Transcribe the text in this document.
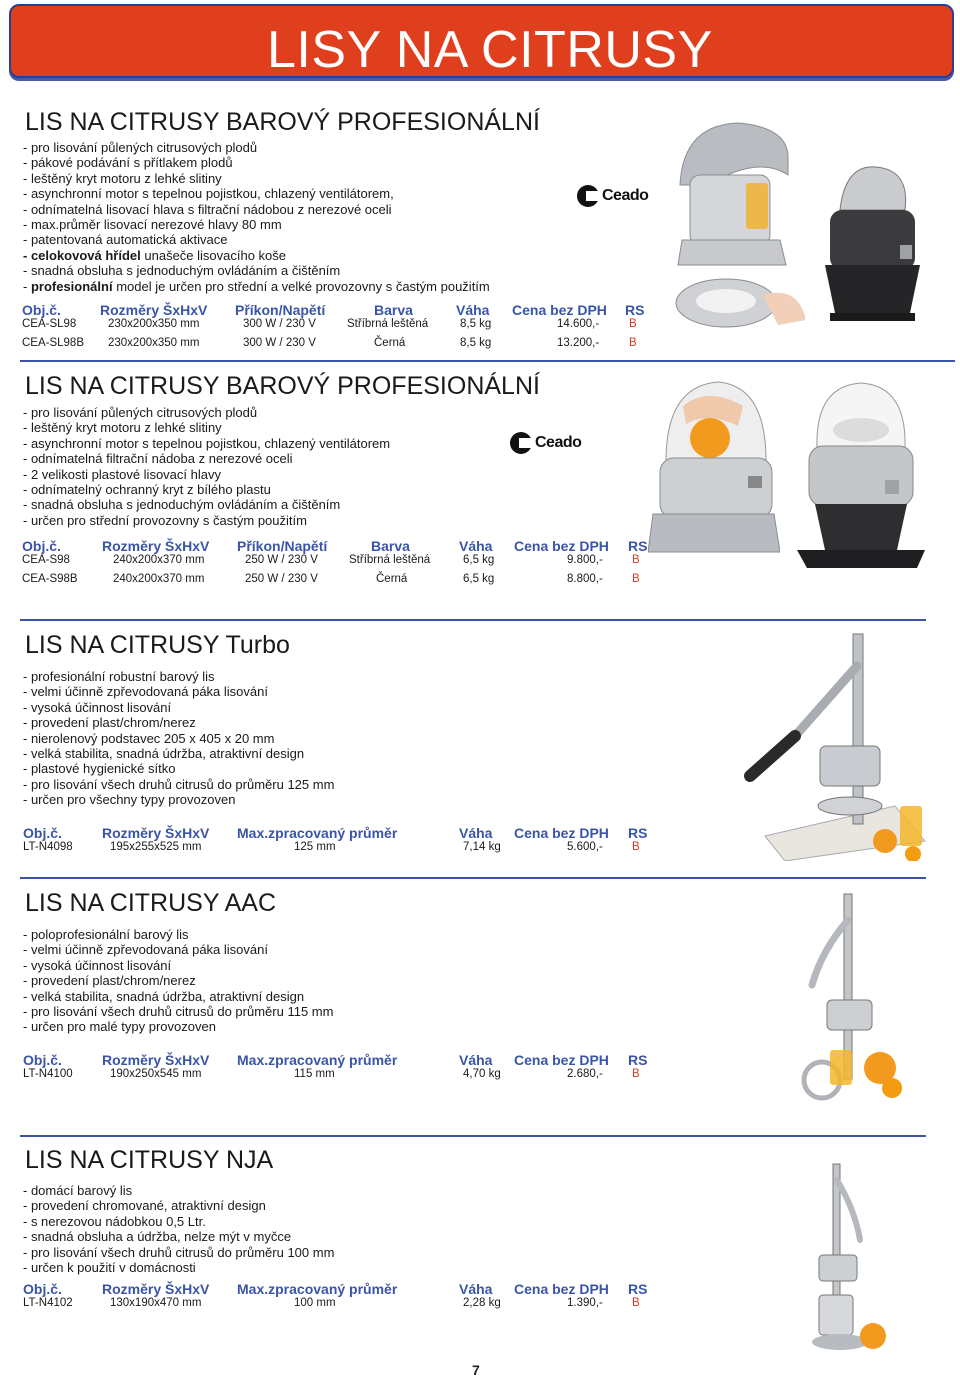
LISY NA CITRUSY
LIS NA CITRUSY BAROVÝ PROFESIONÁLNÍ
- pro lisování půlených citrusových plodů
- pákové podávání s přítlakem plodů
- leštěný kryt motoru z lehké slitiny
- asynchronní motor s tepelnou pojistkou, chlazený ventilátorem,
- odnímatelná lisovací hlava s filtrační nádobou z nerezové oceli
- max.průměr lisovací nerezové hlavy 80 mm
- patentovaná automatická aktivace
- celokovová hřídel unašeče lisovacího koše
- snadná obsluha s jednoduchým ovládáním a čištěním
- profesionální model je určen pro střední a velké provozovny s častým použitím
Ceado
Obj.č.	Rozměry ŠxHxV Příkon/Napětí	Barva	Váha Cena bez DPH RS
CEA-SL98	230x200x350 mm	300 W / 230 V	Stříbrná leštěná	8,5 kg	14.600,-	B
CEA-SL98B 230x200x350 mm	300 W / 230 V	Černá	8,5 kg	13.200,-	B
LIS NA CITRUSY BAROVÝ PROFESIONÁLNÍ
- pro lisování půlených citrusových plodů
- leštěný kryt motoru z lehké slitiny
- asynchronní motor s tepelnou pojistkou, chlazený ventilátorem
- odnímatelná filtrační nádoba z nerezové oceli
- 2 velikosti plastové lisovací hlavy
- odnímatelný ochranný kryt z bílého plastu
- snadná obsluha s jednoduchým ovládáním a čištěním
- určen pro střední provozovny s častým použitím
Ceado
Obj.č.	Rozměry ŠxHxV Příkon/Napětí	Barva	Váha Cena bez DPH RS
CEA-S98	240x200x370 mm	250 W / 230 V	Stříbrná leštěná	6,5 kg	9.800,-	B
CEA-S98B	240x200x370 mm	250 W / 230 V	Černá	6,5 kg	8.800,-	B
LIS NA CITRUSY Turbo
- profesionální robustní barový lis
- velmi účinně zpřevodovaná páka lisování
- vysoká účinnost lisování
- provedení plast/chrom/nerez
- nierolenový podstavec 205 x 405 x 20 mm
- velká stabilita, snadná údržba, atraktivní design
- plastové hygienické sítko
- pro lisování všech druhů citrusů do průměru 125 mm
- určen pro všechny typy provozoven
Obj.č.	Rozměry ŠxHxV Max.zpracovaný průměr	Váha Cena bez DPH RS
LT-N4098	195x255x525 mm	125 mm	7,14 kg	5.600,-	B
LIS NA CITRUSY AAC
- poloprofesionální barový lis
- velmi účinně zpřevodovaná páka lisování
- vysoká účinnost lisování
- provedení plast/chrom/nerez
- velká stabilita, snadná údržba, atraktivní design
- pro lisování všech druhů citrusů do průměru 115 mm
- určen pro malé typy provozoven
Obj.č.	Rozměry ŠxHxV Max.zpracovaný průměr	Váha Cena bez DPH RS
LT-N4100	190x250x545 mm	115 mm	4,70 kg	2.680,-	B
LIS NA CITRUSY NJA
- domácí barový lis
- provedení chromované, atraktivní design
- s nerezovou nádobkou 0,5 Ltr.
- snadná obsluha a údržba, nelze mýt v myčce
- pro lisování všech druhů citrusů do průměru 100 mm
- určen k použití v domácnosti
Obj.č.	Rozměry ŠxHxV Max.zpracovaný průměr	Váha Cena bez DPH RS
LT-N4102	130x190x470 mm	100 mm	2,28 kg	1.390,-	B
7
